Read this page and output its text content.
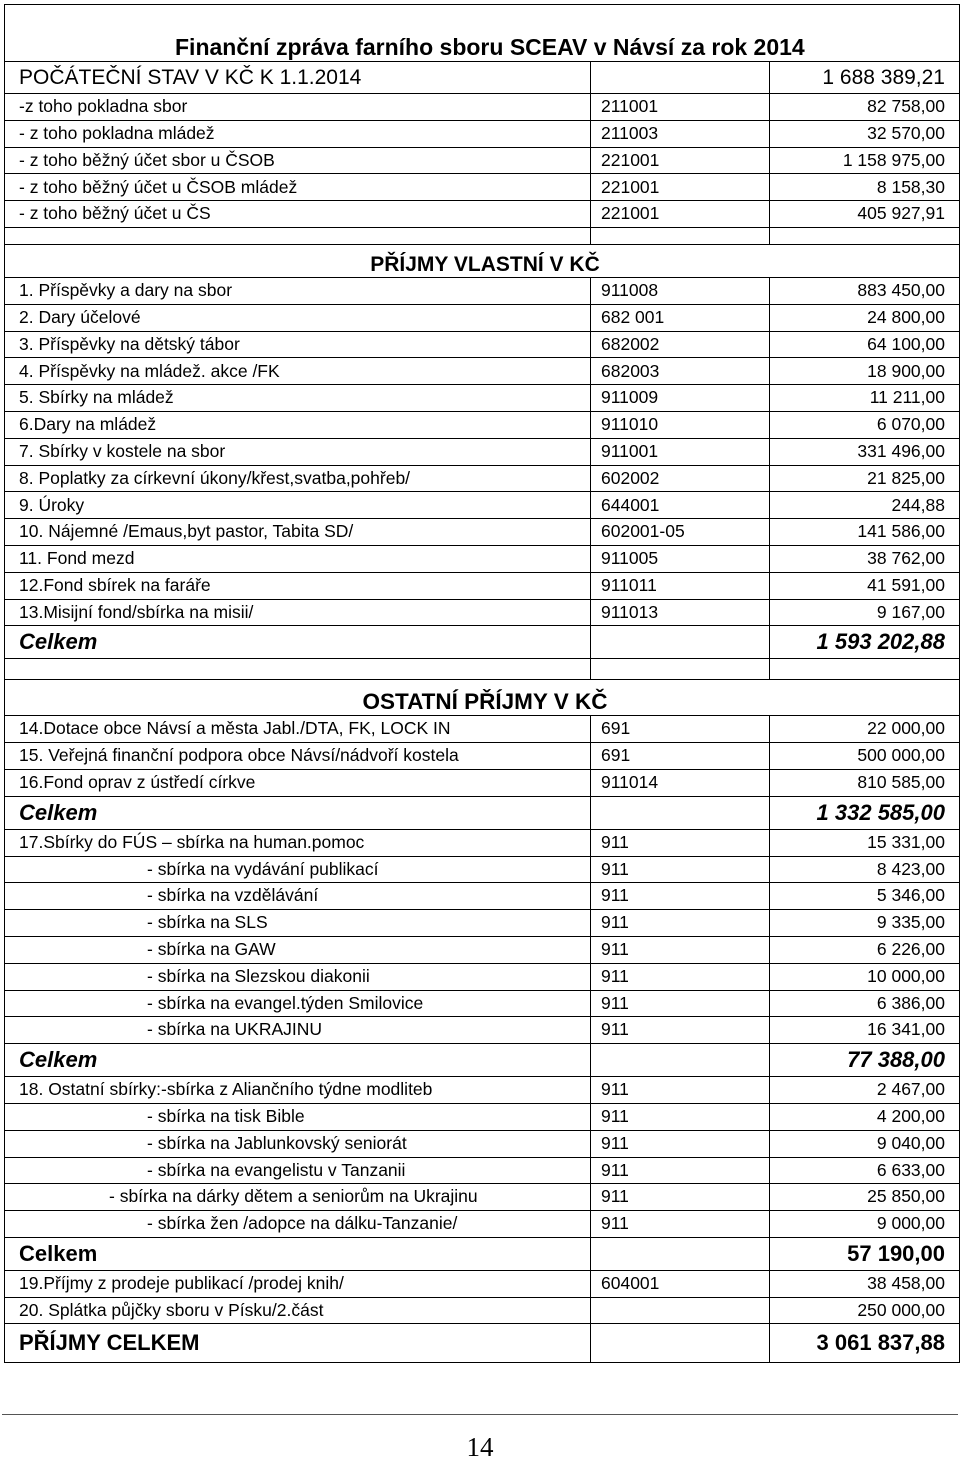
Finanční zpráva farního sboru SCEAV v Návsí za rok 2014		
POČÁTEČNÍ STAV V KČ K 1.1.2014		1 688 389,21
-z toho pokladna sbor	211001	82 758,00
- z toho pokladna mládež	211003	32 570,00
- z toho běžný účet sbor u ČSOB	221001	1 158 975,00
- z toho běžný účet u ČSOB mládež	221001	8 158,30
- z toho běžný účet u ČS	221001	405 927,91

PŘÍJMY VLASTNÍ V KČ		
1. Příspěvky a dary na sbor	911008	883 450,00
2. Dary účelové	682 001	24 800,00
3. Příspěvky na dětský tábor	682002	64 100,00
4. Příspěvky na mládež. akce /FK	682003	18 900,00
5. Sbírky na mládež	911009	11 211,00
6.Dary na mládež	911010	6 070,00
7. Sbírky v kostele na sbor	911001	331 496,00
8. Poplatky za církevní úkony/křest,svatba,pohřeb/	602002	21 825,00
9. Úroky	644001	244,88
10. Nájemné /Emaus,byt pastor, Tabita SD/	602001-05	141 586,00
11. Fond mezd	911005	38 762,00
12.Fond sbírek na faráře	911011	41 591,00
13.Misijní fond/sbírka na misii/	911013	9 167,00
Celkem		1 593 202,88

OSTATNÍ PŘÍJMY V KČ		
14.Dotace obce Návsí a města Jabl./DTA, FK, LOCK IN	691	22 000,00
15. Veřejná finanční podpora obce Návsí/nádvoří kostela	691	500 000,00
16.Fond oprav z ústředí církve	911014	810 585,00
Celkem		1 332 585,00
17.Sbírky do FÚS – sbírka na human.pomoc	911	15 331,00
- sbírka na vydávání publikací	911	8 423,00
- sbírka na vzdělávání	911	5 346,00
- sbírka na SLS	911	9 335,00
- sbírka na GAW	911	6 226,00
- sbírka na Slezskou diakonii	911	10 000,00
- sbírka na evangel.týden Smilovice	911	6 386,00
- sbírka na UKRAJINU	911	16 341,00
Celkem		77 388,00
18. Ostatní sbírky:-sbírka z Aliančního týdne modliteb	911	2 467,00
- sbírka na tisk Bible	911	4 200,00
- sbírka na Jablunkovský seniorát	911	9 040,00
- sbírka na evangelistu v Tanzanii	911	6 633,00
- sbírka na dárky dětem a seniorům na Ukrajinu	911	25 850,00
- sbírka žen /adopce na dálku-Tanzanie/	911	9 000,00
Celkem		57 190,00
19.Příjmy z prodeje publikací /prodej knih/	604001	38 458,00
20. Splátka půjčky sboru v Písku/2.část		250 000,00
PŘÍJMY CELKEM		3 061 837,88
14
